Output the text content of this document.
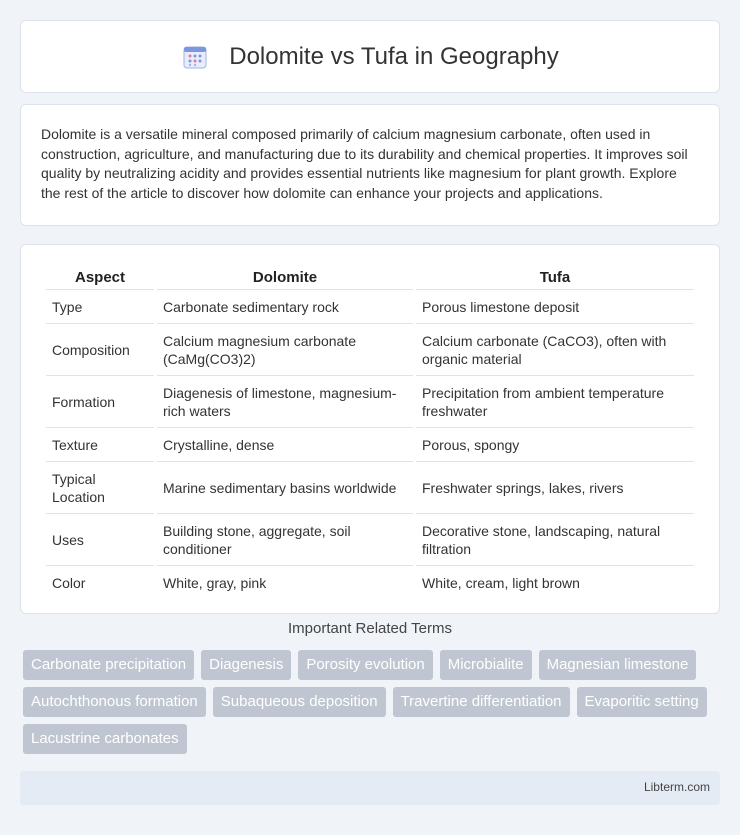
Dolomite vs Tufa in Geography

Dolomite is a versatile mineral composed primarily of calcium magnesium carbonate, often used in construction, agriculture, and manufacturing due to its durability and chemical properties. It improves soil quality by neutralizing acidity and provides essential nutrients like magnesium for plant growth. Explore the rest of the article to discover how dolomite can enhance your projects and applications.

Aspect	Dolomite	Tufa
Type	Carbonate sedimentary rock	Porous limestone deposit
Composition	Calcium magnesium carbonate (CaMg(CO3)2)	Calcium carbonate (CaCO3), often with organic material
Formation	Diagenesis of limestone, magnesium-rich waters	Precipitation from ambient temperature freshwater
Texture	Crystalline, dense	Porous, spongy
Typical Location	Marine sedimentary basins worldwide	Freshwater springs, lakes, rivers
Uses	Building stone, aggregate, soil conditioner	Decorative stone, landscaping, natural filtration
Color	White, gray, pink	White, cream, light brown
Important Related Terms
Carbonate precipitation	Diagenesis	Porosity evolution	Microbialite	Magnesian limestone
Autochthonous formation	Subaqueous deposition	Travertine differentiation	Evaporitic setting
Lacustrine carbonates
Libterm.com
